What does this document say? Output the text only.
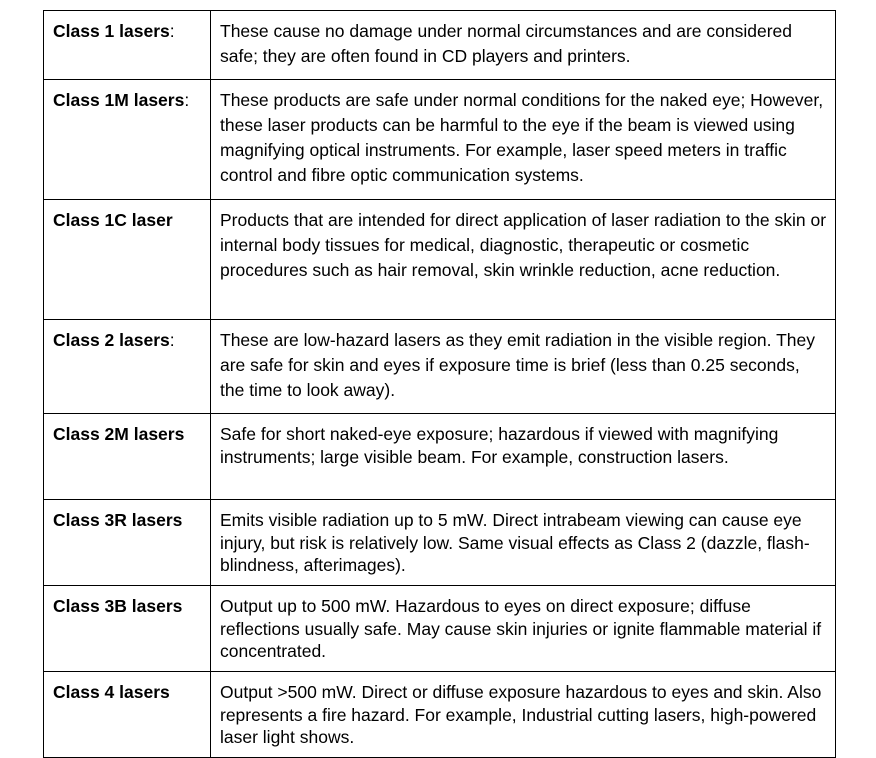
Class 1 lasers:	These cause no damage under normal circumstances and are considered safe; they are often found in CD players and printers.
Class 1M lasers:	These products are safe under normal conditions for the naked eye; However, these laser products can be harmful to the eye if the beam is viewed using magnifying optical instruments. For example, laser speed meters in traffic control and fibre optic communication systems.
Class 1C laser	Products that are intended for direct application of laser radiation to the skin or internal body tissues for medical, diagnostic, therapeutic or cosmetic procedures such as hair removal, skin wrinkle reduction, acne reduction.
Class 2 lasers:	These are low-hazard lasers as they emit radiation in the visible region. They are safe for skin and eyes if exposure time is brief (less than 0.25 seconds, the time to look away).
Class 2M lasers	Safe for short naked-eye exposure; hazardous if viewed with magnifying instruments; large visible beam. For example, construction lasers.
Class 3R lasers	Emits visible radiation up to 5 mW. Direct intrabeam viewing can cause eye injury, but risk is relatively low. Same visual effects as Class 2 (dazzle, flash-blindness, afterimages).
Class 3B lasers	Output up to 500 mW. Hazardous to eyes on direct exposure; diffuse reflections usually safe. May cause skin injuries or ignite flammable material if concentrated.
Class 4 lasers	Output >500 mW. Direct or diffuse exposure hazardous to eyes and skin. Also represents a fire hazard. For example, Industrial cutting lasers, high-powered laser light shows.
